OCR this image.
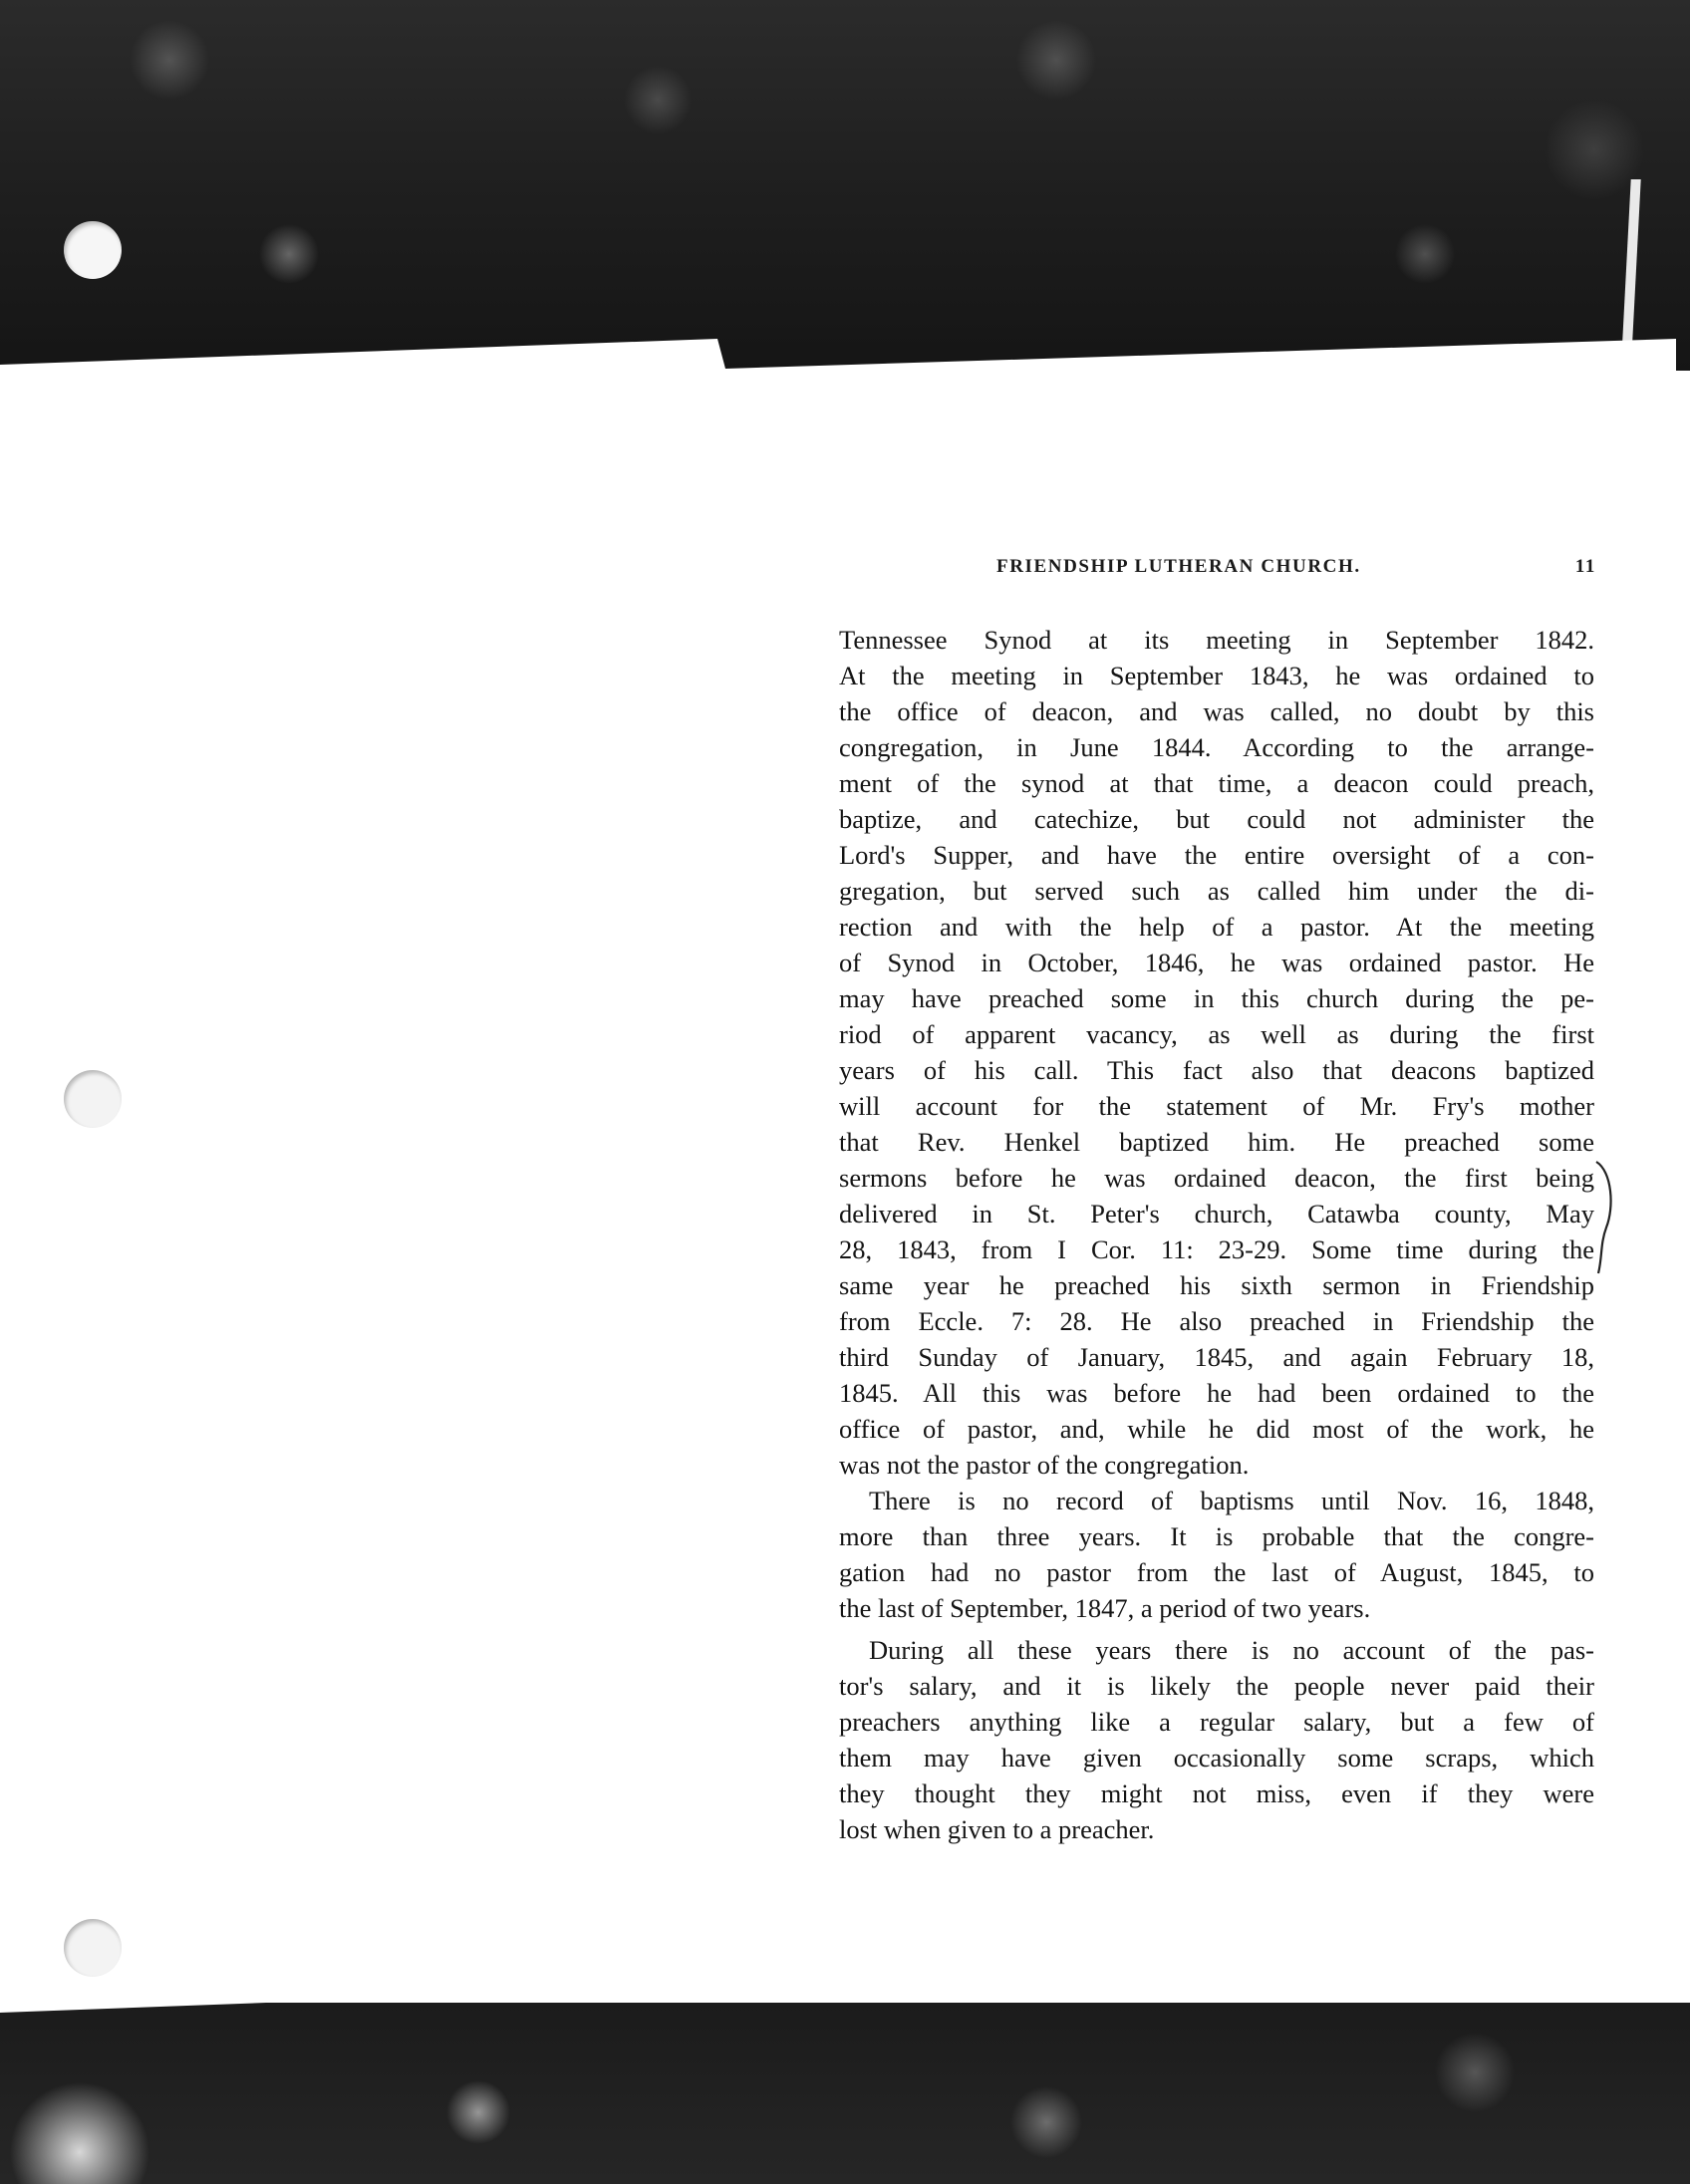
FRIENDSHIP LUTHERAN CHURCH.	11
Tennessee Synod at its meeting in September 1842.
At the meeting in September 1843, he was ordained to
the office of deacon, and was called, no doubt by this
congregation, in June 1844. According to the arrange-
ment of the synod at that time, a deacon could preach,
baptize, and catechize, but could not administer the
Lord's Supper, and have the entire oversight of a con-
gregation, but served such as called him under the di-
rection and with the help of a pastor. At the meeting
of Synod in October, 1846, he was ordained pastor. He
may have preached some in this church during the pe-
riod of apparent vacancy, as well as during the first
years of his call. This fact also that deacons baptized
will account for the statement of Mr. Fry's mother
that Rev. Henkel baptized him. He preached some
sermons before he was ordained deacon, the first being
delivered in St. Peter's church, Catawba county, May
28, 1843, from I Cor. 11: 23-29. Some time during the
same year he preached his sixth sermon in Friendship
from Eccle. 7: 28. He also preached in Friendship the
third Sunday of January, 1845, and again February 18,
1845. All this was before he had been ordained to the
office of pastor, and, while he did most of the work, he
was not the pastor of the congregation.
There is no record of baptisms until Nov. 16, 1848,
more than three years. It is probable that the congre-
gation had no pastor from the last of August, 1845, to
the last of September, 1847, a period of two years.
During all these years there is no account of the pas-
tor's salary, and it is likely the people never paid their
preachers anything like a regular salary, but a few of
them may have given occasionally some scraps, which
they thought they might not miss, even if they were
lost when given to a preacher.
